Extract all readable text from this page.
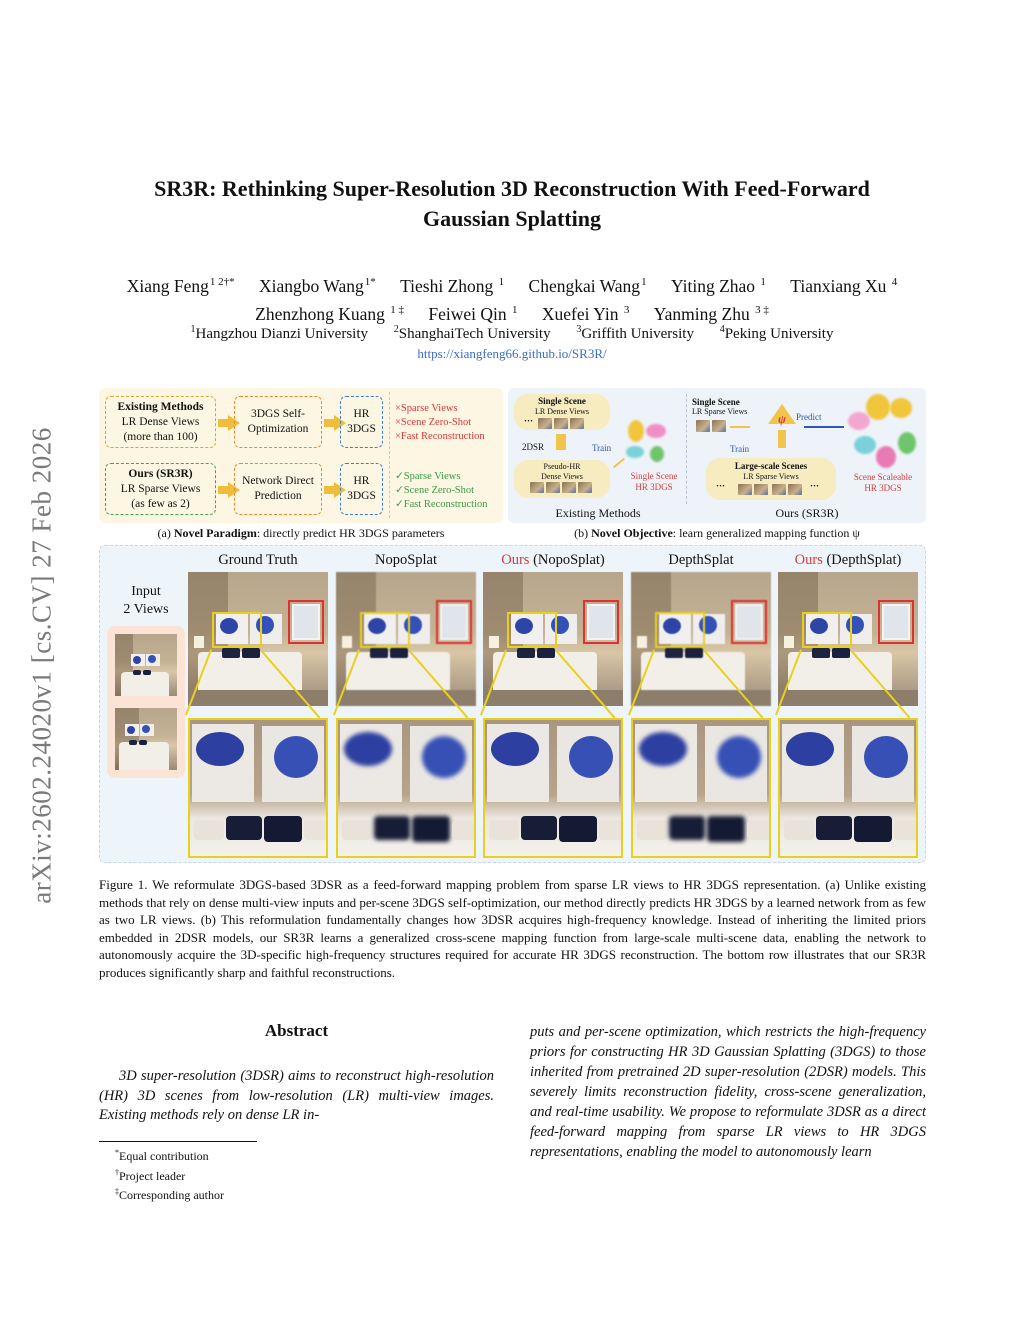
arXiv:2602.24020v1 [cs.CV] 27 Feb 2026
SR3R: Rethinking Super-Resolution 3D Reconstruction With Feed-Forward
Gaussian Splatting
Xiang Feng$^{1 2\dagger*}$ Xiangbo Wang$^{1*}$ Tieshi Zhong $^1$ Chengkai Wang$^1$ Yiting Zhao $^1$ Tianxiang Xu $^4$
Zhenzhong Kuang $^{1 \ddagger}$ Feiwei Qin $^1$ Xuefei Yin $^3$ Yanming Zhu $^{3 \ddagger}$
$^1$Hangzhou Dianzi University	$^2$ShanghaiTech University	$^3$Griffith University	$^4$Peking University
https://xiangfeng66.github.io/SR3R/
Existing Methods
LR Dense Views
(more than 100)
3DGS Self-Optimization
HR
3DGS
×Sparse Views
×Scene Zero-Shot
×Fast Reconstruction
Ours (SR3R)
LR Sparse Views
(as few as 2)
Network Direct Prediction
HR
3DGS
✓Sparse Views
✓Scene Zero-Shot
✓Fast Reconstruction
(a) Novel Paradigm: directly predict HR 3DGS parameters
Single Scene
LR Dense Views
···
2DSR
Pseudo-HR
Dense Views
Train
Single Scene
HR 3DGS
Existing Methods
Single Scene
LR Sparse Views
ψ Predict
Train
Large-scale Scenes
LR Sparse Views
···	···
Scene Scaleable
HR 3DGS
Ours (SR3R)
(b) Novel Objective: learn generalized mapping function ψ
Ground Truth	NopoSplat	Ours (NopoSplat)	DepthSplat	Ours (DepthSplat)
Input
2 Views
Figure 1. We reformulate 3DGS-based 3DSR as a feed-forward mapping problem from sparse LR views to HR 3DGS representation. (a) Unlike existing methods that rely on dense multi-view inputs and per-scene 3DGS self-optimization, our method directly predicts HR 3DGS by a learned network from as few as two LR views. (b) This reformulation fundamentally changes how 3DSR acquires high-frequency knowledge. Instead of inheriting the limited priors embedded in 2DSR models, our SR3R learns a generalized cross-scene mapping function from large-scale multi-scene data, enabling the network to autonomously acquire the 3D-specific high-frequency structures required for accurate HR 3DGS reconstruction. The bottom row illustrates that our SR3R produces significantly sharp and faithful reconstructions.
Abstract
3D super-resolution (3DSR) aims to reconstruct high-resolution (HR) 3D scenes from low-resolution (LR) multi-view images. Existing methods rely on dense LR in-
puts and per-scene optimization, which restricts the high-frequency priors for constructing HR 3D Gaussian Splatting (3DGS) to those inherited from pretrained 2D super-resolution (2DSR) models. This severely limits reconstruction fidelity, cross-scene generalization, and real-time usability. We propose to reformulate 3DSR as a direct feed-forward mapping from sparse LR views to HR 3DGS representations, enabling the model to autonomously learn
*Equal contribution
†Project leader
‡Corresponding author
